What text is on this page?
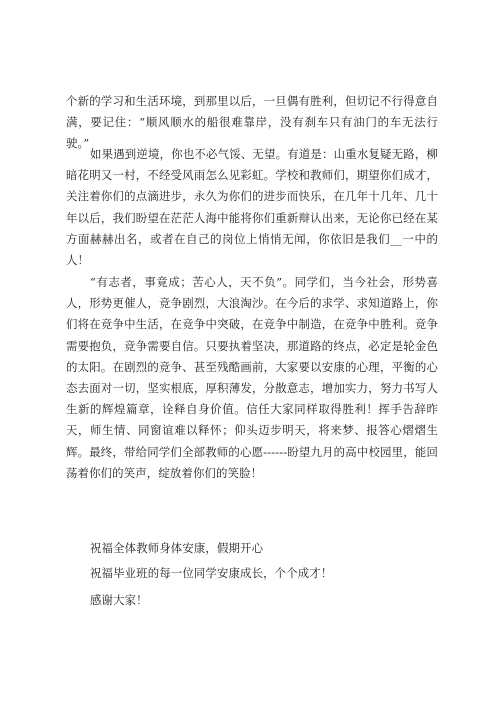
个新的学习和生活环境，到那里以后，一旦偶有胜利，但切记不行得意自满，要记住：“顺风顺水的船很难靠岸，没有刹车只有油门的车无法行驶。”

如果遇到逆境，你也不必气馁、无望。有道是：山重水复疑无路，柳暗花明又一村，不经受风雨怎么见彩虹。学校和教师们，期望你们成才，关注着你们的点滴进步，永久为你们的进步而快乐，在几年十几年、几十年以后，我们盼望在茫茫人海中能将你们重新辩认出来，无论你已经在某方面赫赫出名，或者在自己的岗位上悄悄无闻，你依旧是我们__一中的人！

“有志者，事竟成；苦心人，天不负”。同学们，当今社会，形势喜人，形势更催人，竞争剧烈，大浪淘沙。在今后的求学、求知道路上，你们将在竞争中生活，在竞争中突破，在竞争中制造，在竞争中胜利。竞争需要抱负，竞争需要自信。只要执着坚决，那道路的终点，必定是轮金色的太阳。在剧烈的竞争、甚至残酷画前，大家要以安康的心理，平衡的心态去面对一切，坚实根底，厚积薄发，分散意志，增加实力，努力书写人生新的辉煌篇章，诠释自身价值。信任大家同样取得胜利！挥手告辞昨天，师生情、同窗谊难以释怀；仰头迈步明天，将来梦、报答心熠熠生辉。最终，带给同学们全部教师的心愿------盼望九月的高中校园里，能回荡着你们的笑声，绽放着你们的笑脸！

祝福全体教师身体安康，假期开心

祝福毕业班的每一位同学安康成长，个个成才！

感谢大家！
